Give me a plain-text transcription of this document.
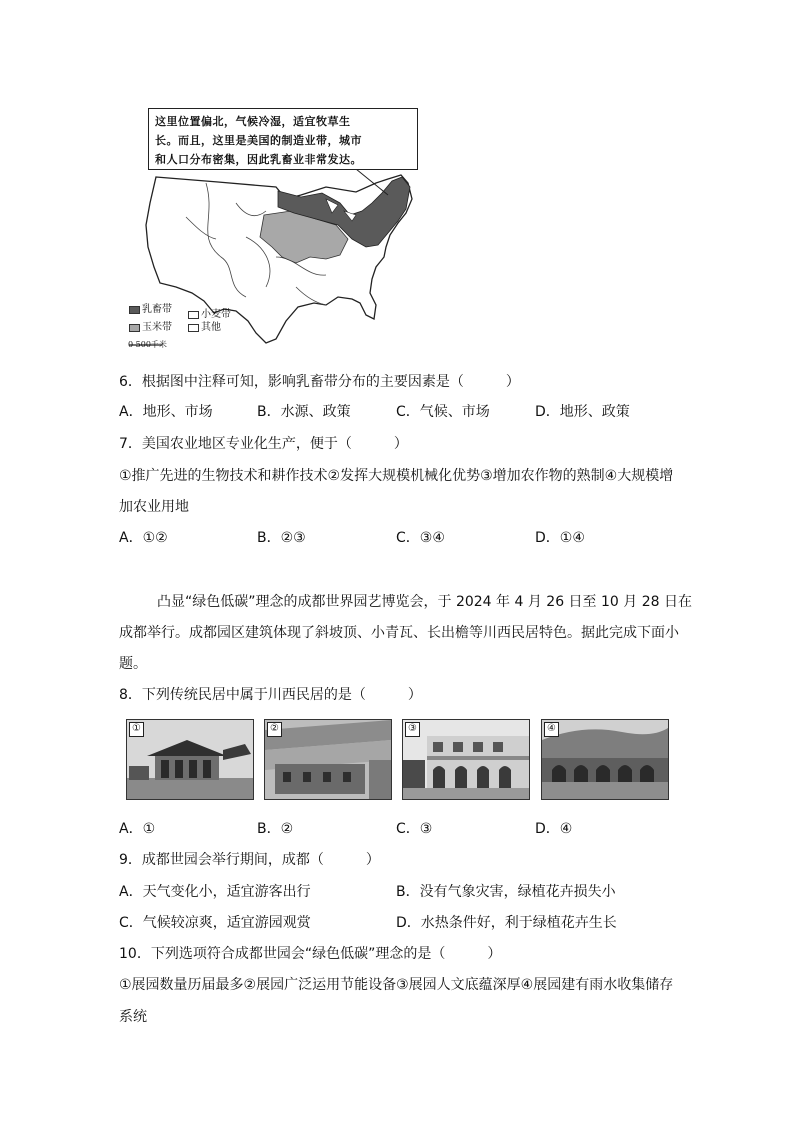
这里位置偏北，气候冷湿，适宜牧草生
长。而且，这里是美国的制造业带，城市
和人口分布密集，因此乳畜业非常发达。
乳畜带	小麦带
玉米带	其他
0 500千米
6．根据图中注释可知，影响乳畜带分布的主要因素是（　　　）
A．地形、市场	B．水源、政策	C．气候、市场	D．地形、政策
7．美国农业地区专业化生产，便于（　　　）
①推广先进的生物技术和耕作技术②发挥大规模机械化优势③增加农作物的熟制④大规模增
加农业用地
A．①②	B．②③	C．③④	D．①④
凸显“绿色低碳”理念的成都世界园艺博览会，于 2024 年 4 月 26 日至 10 月 28 日在
成都举行。成都园区建筑体现了斜坡顶、小青瓦、长出檐等川西民居特色。据此完成下面小
题。
8．下列传统民居中属于川西民居的是（　　　）
①	②	③	④
A．①	B．②	C．③	D．④
9．成都世园会举行期间，成都（　　　）
A．天气变化小，适宜游客出行	B．没有气象灾害，绿植花卉损失小
C．气候较凉爽，适宜游园观赏	D．水热条件好，利于绿植花卉生长
10．下列选项符合成都世园会“绿色低碳”理念的是（　　　）
①展园数量历届最多②展园广泛运用节能设备③展园人文底蕴深厚④展园建有雨水收集储存
系统
